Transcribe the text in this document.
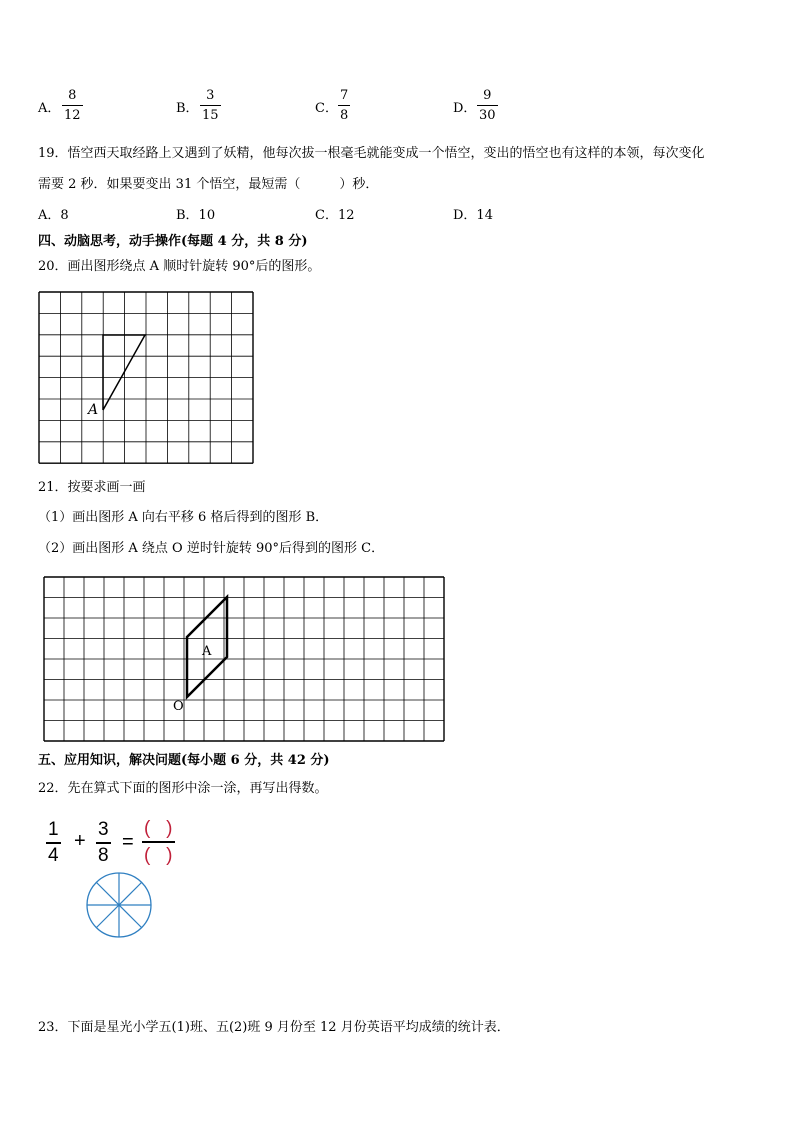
A．
8
12	B．
3
15	C．
7
8	D．
9
30
19．悟空西天取经路上又遇到了妖精，他每次拔一根毫毛就能变成一个悟空，变出的悟空也有这样的本领，每次变化
需要 2 秒．如果要变出 31 个悟空，最短需（　　　）秒．
A．8	B．10	C．12	D．14
四、动脑思考，动手操作(每题 4 分，共 8 分)
20．画出图形绕点 A 顺时针旋转 90°后的图形。
A
21．按要求画一画
（1）画出图形 A 向右平移 6 格后得到的图形 B．
（2）画出图形 A 绕点 O 逆时针旋转 90°后得到的图形 C．
A
O
五、应用知识，解决问题(每小题 6 分，共 42 分)
22．先在算式下面的图形中涂一涂，再写出得数。
1
4
+
3
8
=
(   )
(   )
23．下面是星光小学五(1)班、五(2)班 9 月份至 12 月份英语平均成绩的统计表．
